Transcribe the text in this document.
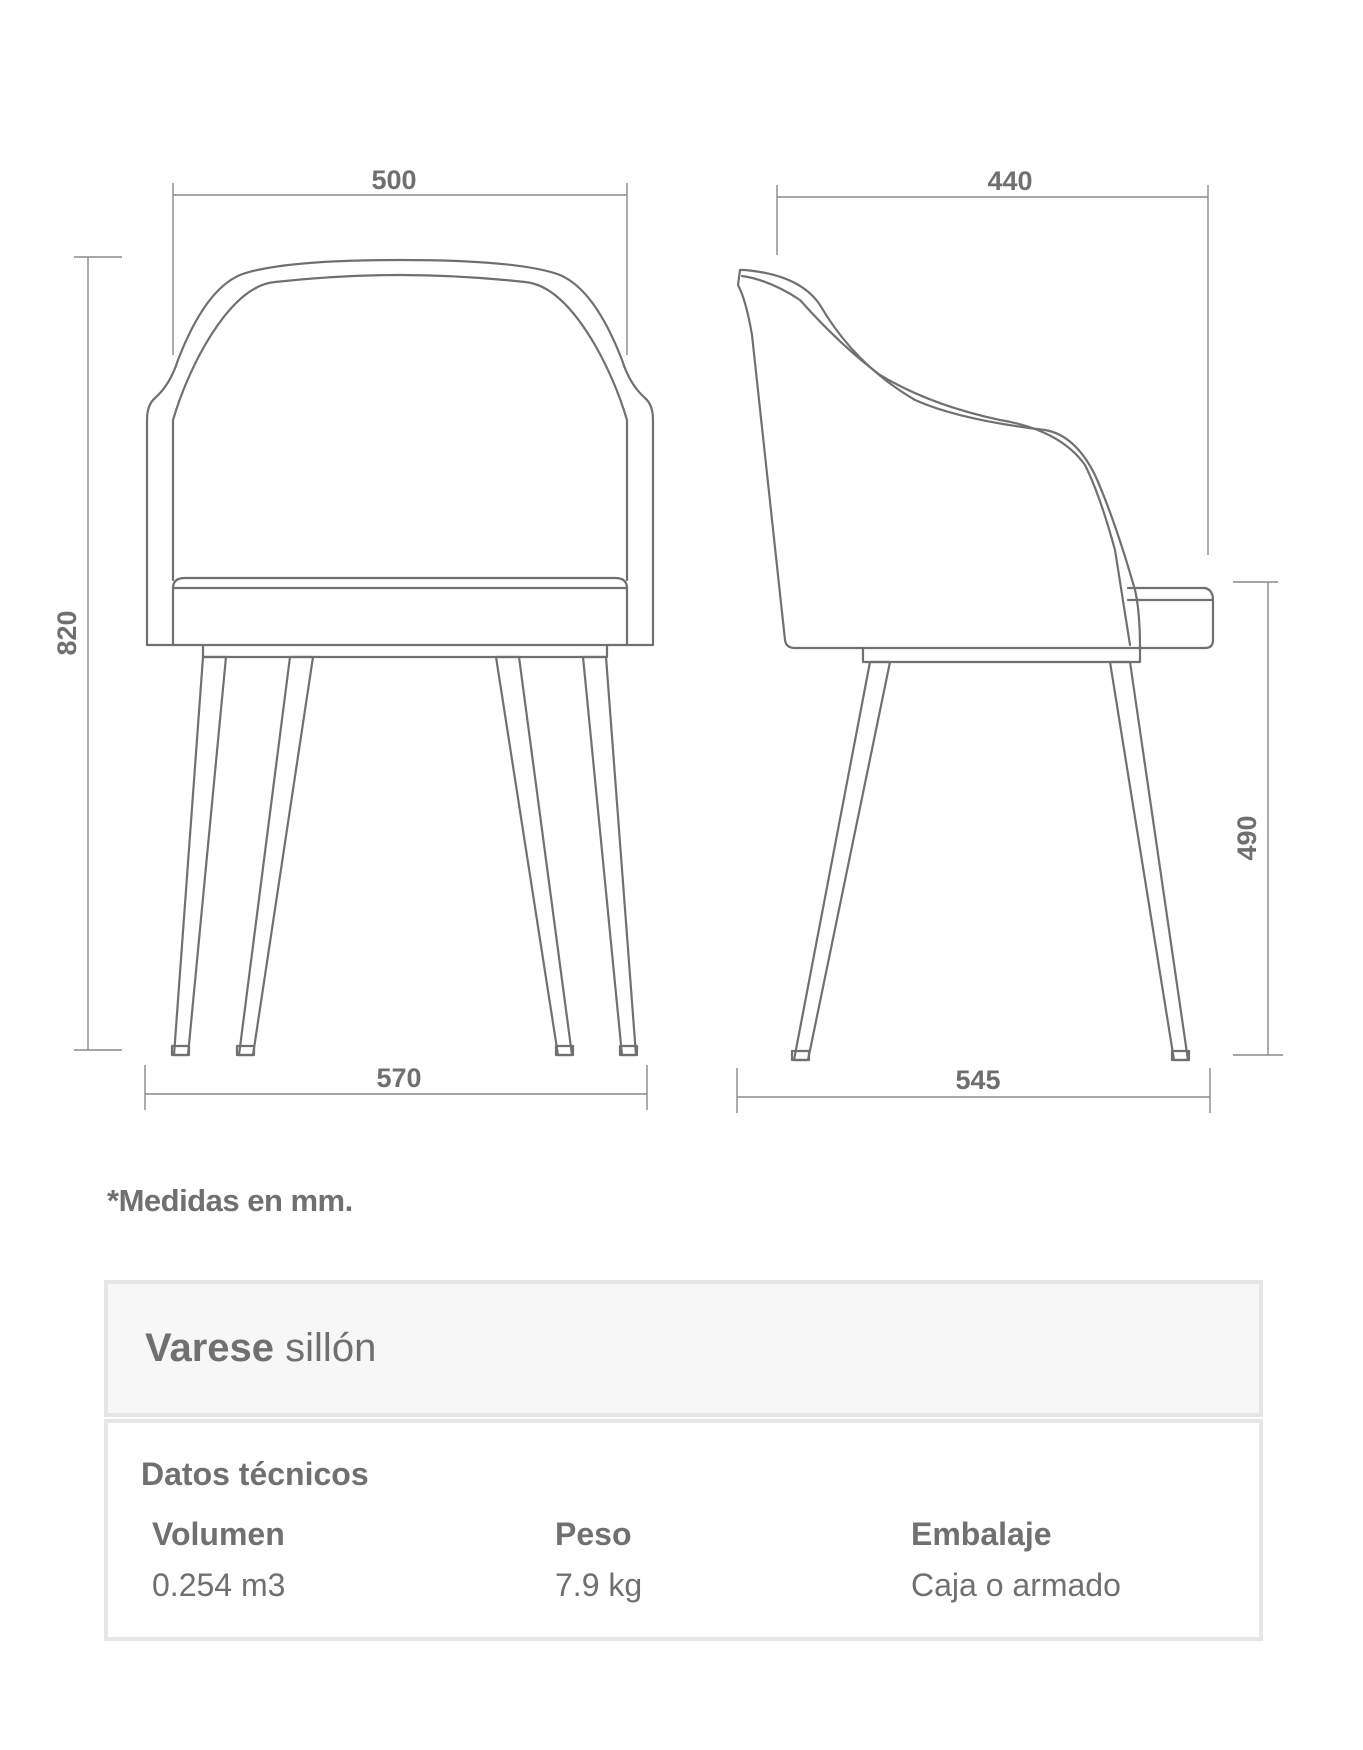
500	440
820
490
570	545
*Medidas en mm.
Varese sillón
Datos técnicos
Volumen
0.254 m3
Peso
7.9 kg
Embalaje
Caja o armado
